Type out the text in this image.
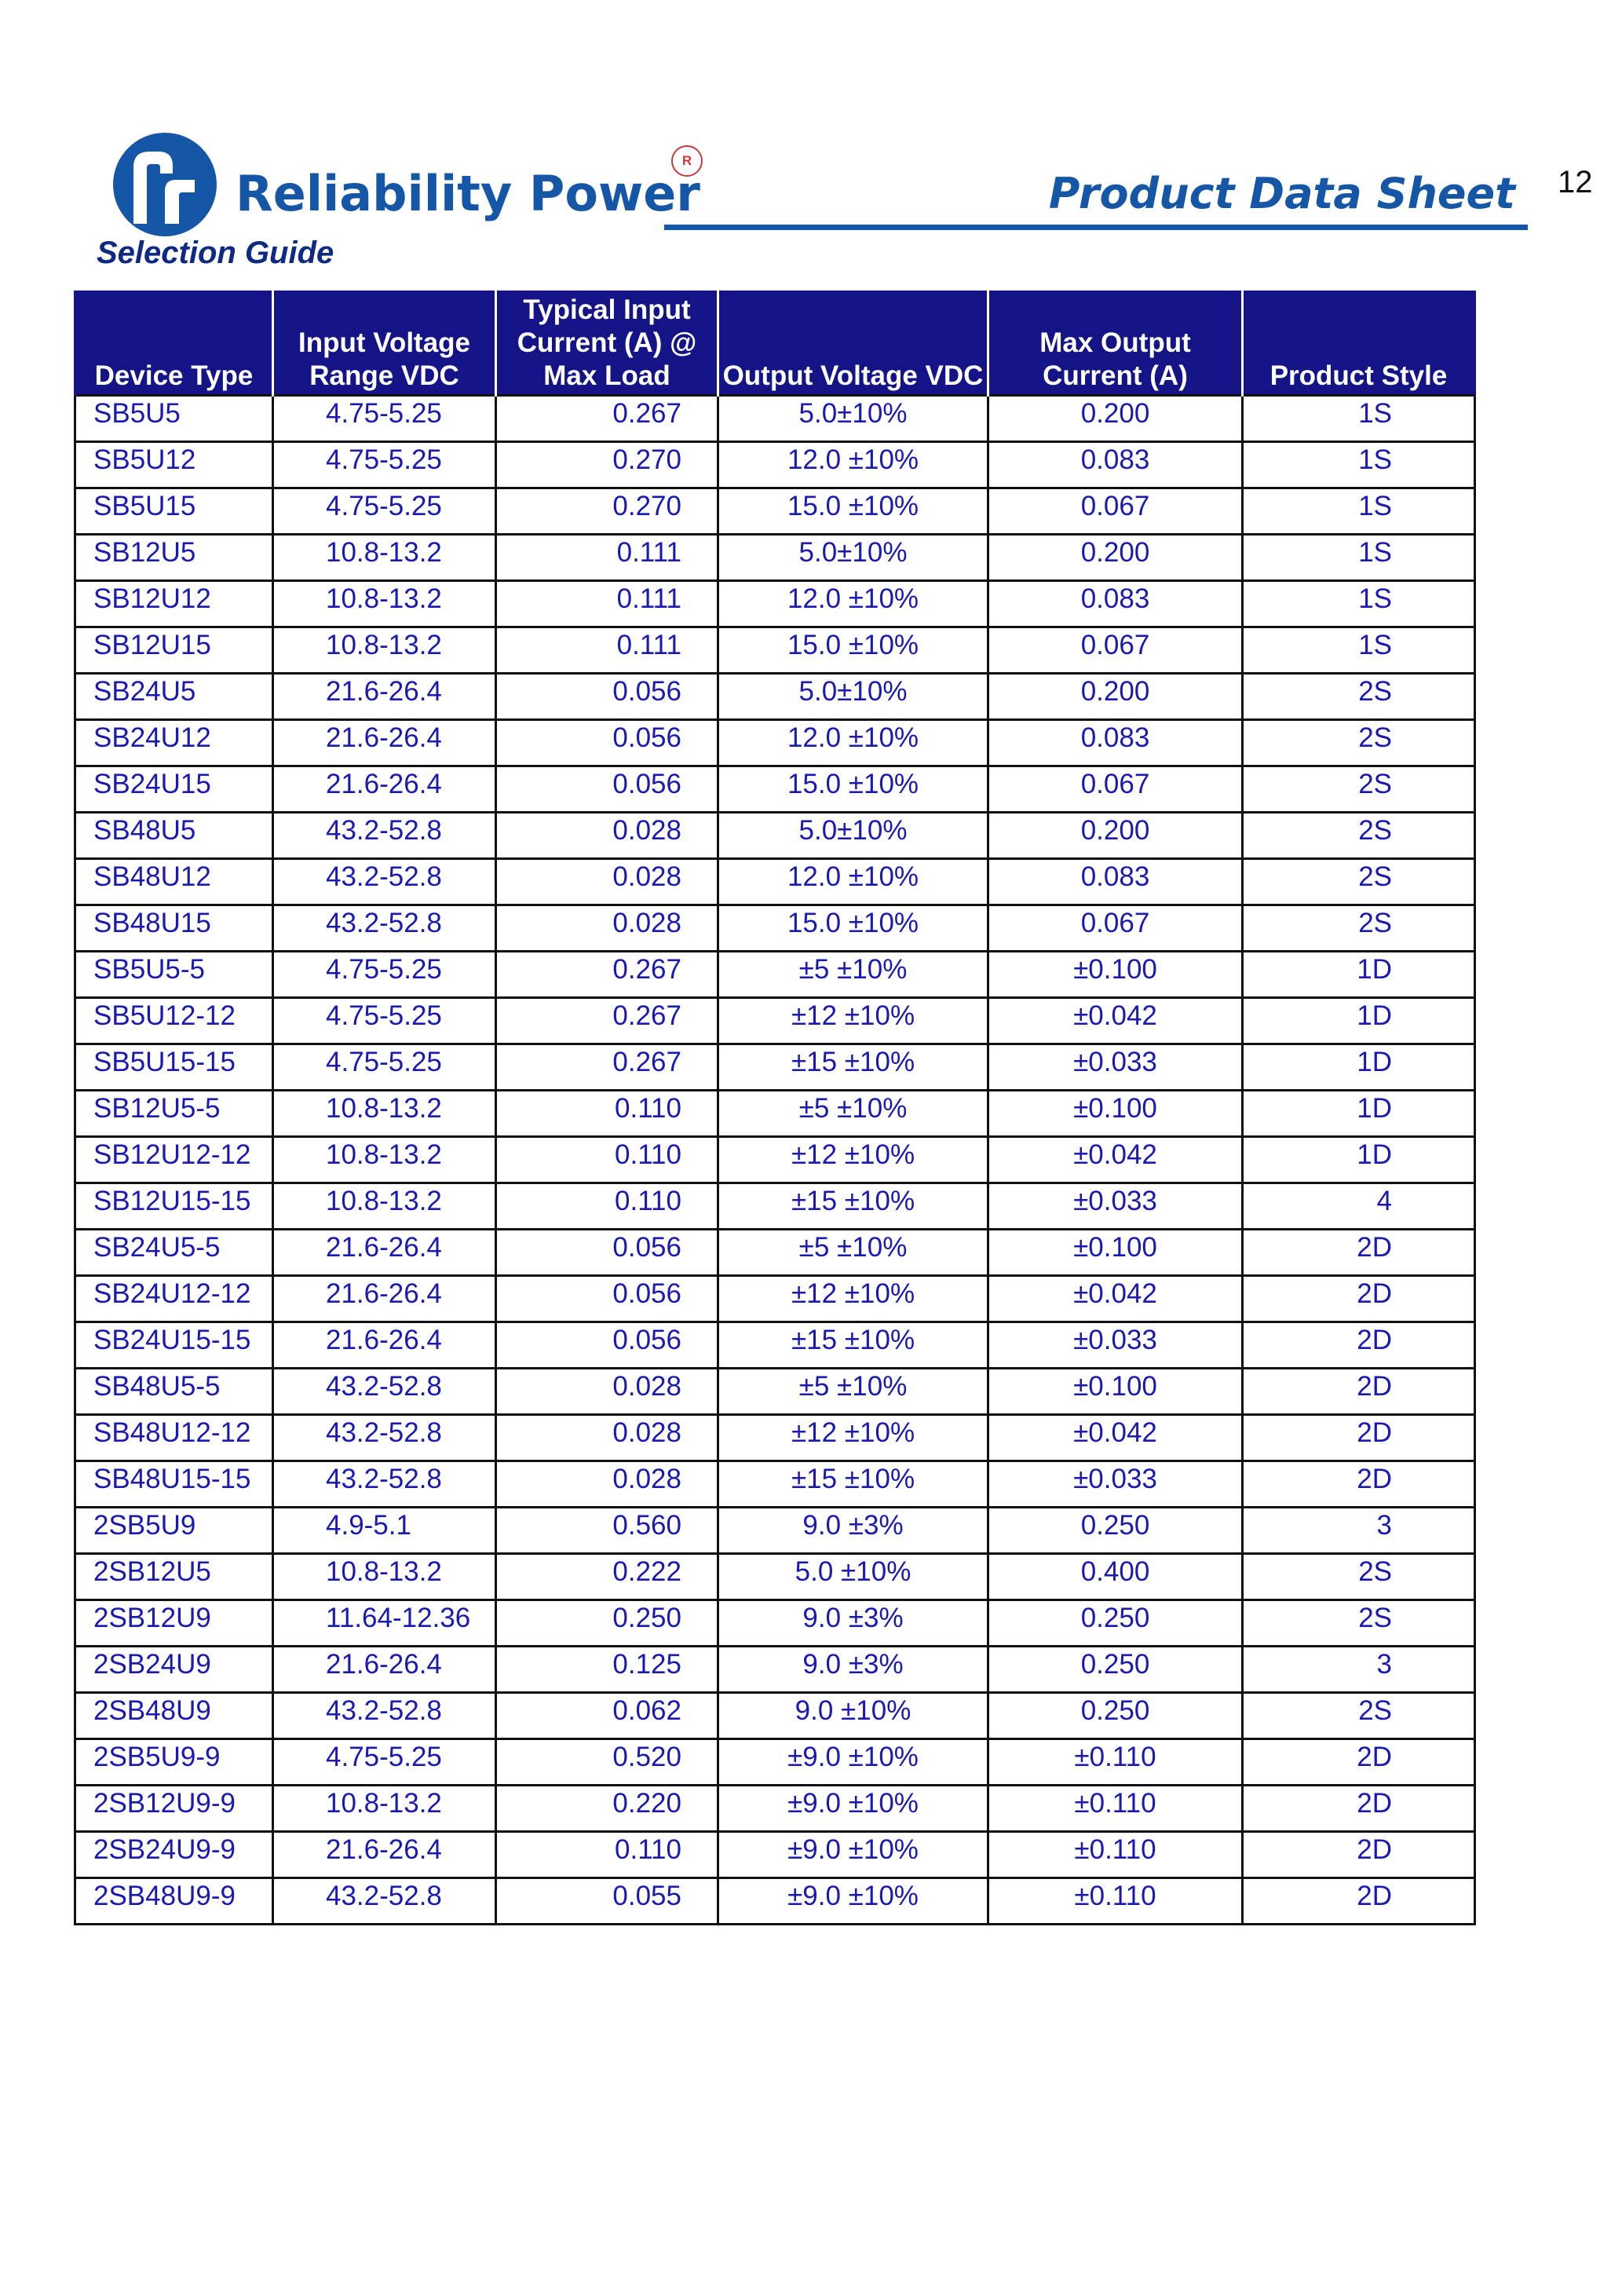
Reliability Power
R
Product Data Sheet 12
Selection Guide
Device Type	Input Voltage Range VDC	Typical Input Current (A) @ Max Load	Output Voltage VDC	Max Output Current (A)	Product Style
SB5U5	4.75-5.25	0.267	5.0±10%	0.200	1S
SB5U12	4.75-5.25	0.270	12.0 ±10%	0.083	1S
SB5U15	4.75-5.25	0.270	15.0 ±10%	0.067	1S
SB12U5	10.8-13.2	0.111	5.0±10%	0.200	1S
SB12U12	10.8-13.2	0.111	12.0 ±10%	0.083	1S
SB12U15	10.8-13.2	0.111	15.0 ±10%	0.067	1S
SB24U5	21.6-26.4	0.056	5.0±10%	0.200	2S
SB24U12	21.6-26.4	0.056	12.0 ±10%	0.083	2S
SB24U15	21.6-26.4	0.056	15.0 ±10%	0.067	2S
SB48U5	43.2-52.8	0.028	5.0±10%	0.200	2S
SB48U12	43.2-52.8	0.028	12.0 ±10%	0.083	2S
SB48U15	43.2-52.8	0.028	15.0 ±10%	0.067	2S
SB5U5-5	4.75-5.25	0.267	±5 ±10%	±0.100	1D
SB5U12-12	4.75-5.25	0.267	±12 ±10%	±0.042	1D
SB5U15-15	4.75-5.25	0.267	±15 ±10%	±0.033	1D
SB12U5-5	10.8-13.2	0.110	±5 ±10%	±0.100	1D
SB12U12-12	10.8-13.2	0.110	±12 ±10%	±0.042	1D
SB12U15-15	10.8-13.2	0.110	±15 ±10%	±0.033	4
SB24U5-5	21.6-26.4	0.056	±5 ±10%	±0.100	2D
SB24U12-12	21.6-26.4	0.056	±12 ±10%	±0.042	2D
SB24U15-15	21.6-26.4	0.056	±15 ±10%	±0.033	2D
SB48U5-5	43.2-52.8	0.028	±5 ±10%	±0.100	2D
SB48U12-12	43.2-52.8	0.028	±12 ±10%	±0.042	2D
SB48U15-15	43.2-52.8	0.028	±15 ±10%	±0.033	2D
2SB5U9	4.9-5.1	0.560	9.0 ±3%	0.250	3
2SB12U5	10.8-13.2	0.222	5.0 ±10%	0.400	2S
2SB12U9	11.64-12.36	0.250	9.0 ±3%	0.250	2S
2SB24U9	21.6-26.4	0.125	9.0 ±3%	0.250	3
2SB48U9	43.2-52.8	0.062	9.0 ±10%	0.250	2S
2SB5U9-9	4.75-5.25	0.520	±9.0 ±10%	±0.110	2D
2SB12U9-9	10.8-13.2	0.220	±9.0 ±10%	±0.110	2D
2SB24U9-9	21.6-26.4	0.110	±9.0 ±10%	±0.110	2D
2SB48U9-9	43.2-52.8	0.055	±9.0 ±10%	±0.110	2D
